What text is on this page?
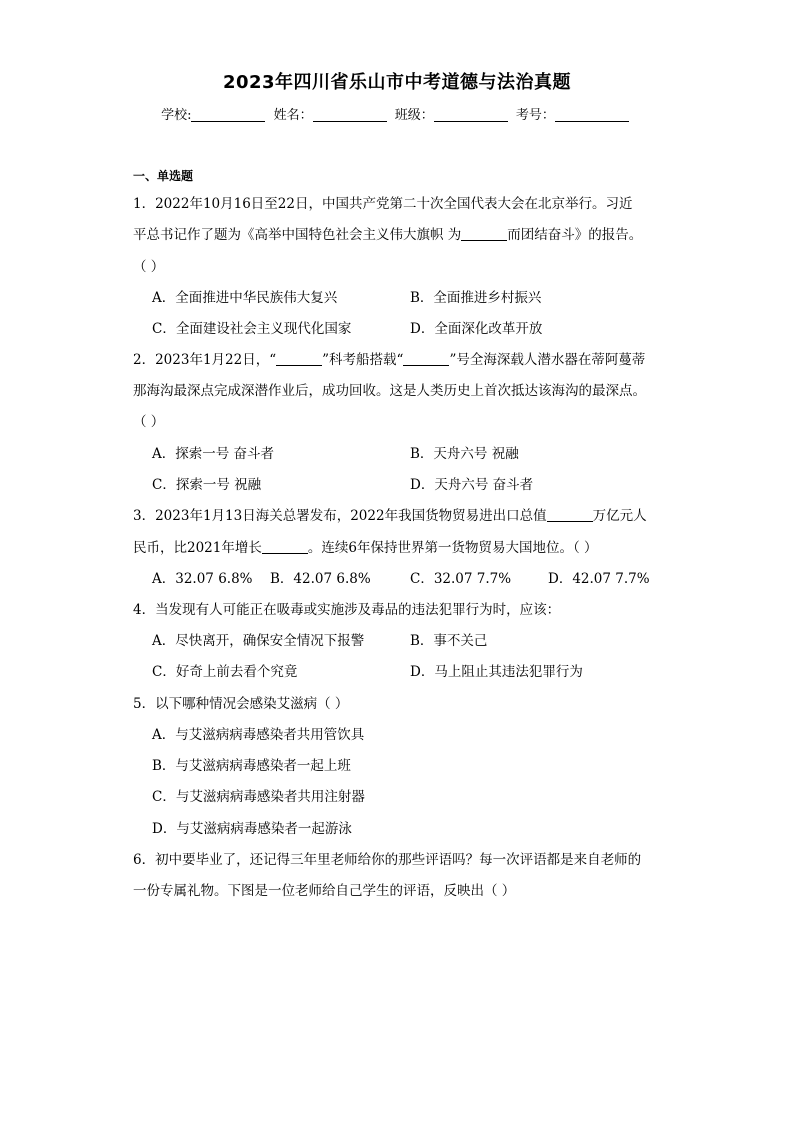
2023年四川省乐山市中考道德与法治真题
学校:	姓名：	班级：	考号：
一、单选题
1．2022年10月16日至22日，中国共产党第二十次全国代表大会在北京举行。习近
平总书记作了题为《高举中国特色社会主义伟大旗帜 为	而团结奋斗》的报告。
（ ）
A．全面推进中华民族伟大复兴	B．全面推进乡村振兴
C．全面建设社会主义现代化国家	D．全面深化改革开放
2．2023年1月22日，“	”科考船搭载“	”号全海深载人潜水器在蒂阿蔓蒂
那海沟最深点完成深潜作业后，成功回收。这是人类历史上首次抵达该海沟的最深点。
（ ）
A．探索一号 奋斗者	B．天舟六号 祝融
C．探索一号 祝融	D．天舟六号 奋斗者
3．2023年1月13日海关总署发布，2022年我国货物贸易进出口总值	万亿元人
民币，比2021年增长	。连续6年保持世界第一货物贸易大国地位。（ ）
A．32.07 6.8% B．42.07 6.8%	C．32.07 7.7%	D．42.07 7.7%
4．当发现有人可能正在吸毒或实施涉及毒品的违法犯罪行为时，应该：
A．尽快离开，确保安全情况下报警	B．事不关己
C．好奇上前去看个究竟	D．马上阻止其违法犯罪行为
5．以下哪种情况会感染艾滋病（ ）
A．与艾滋病病毒感染者共用管饮具
B．与艾滋病病毒感染者一起上班
C．与艾滋病病毒感染者共用注射器
D．与艾滋病病毒感染者一起游泳
6．初中要毕业了，还记得三年里老师给你的那些评语吗？每一次评语都是来自老师的
一份专属礼物。下图是一位老师给自己学生的评语，反映出（ ）
